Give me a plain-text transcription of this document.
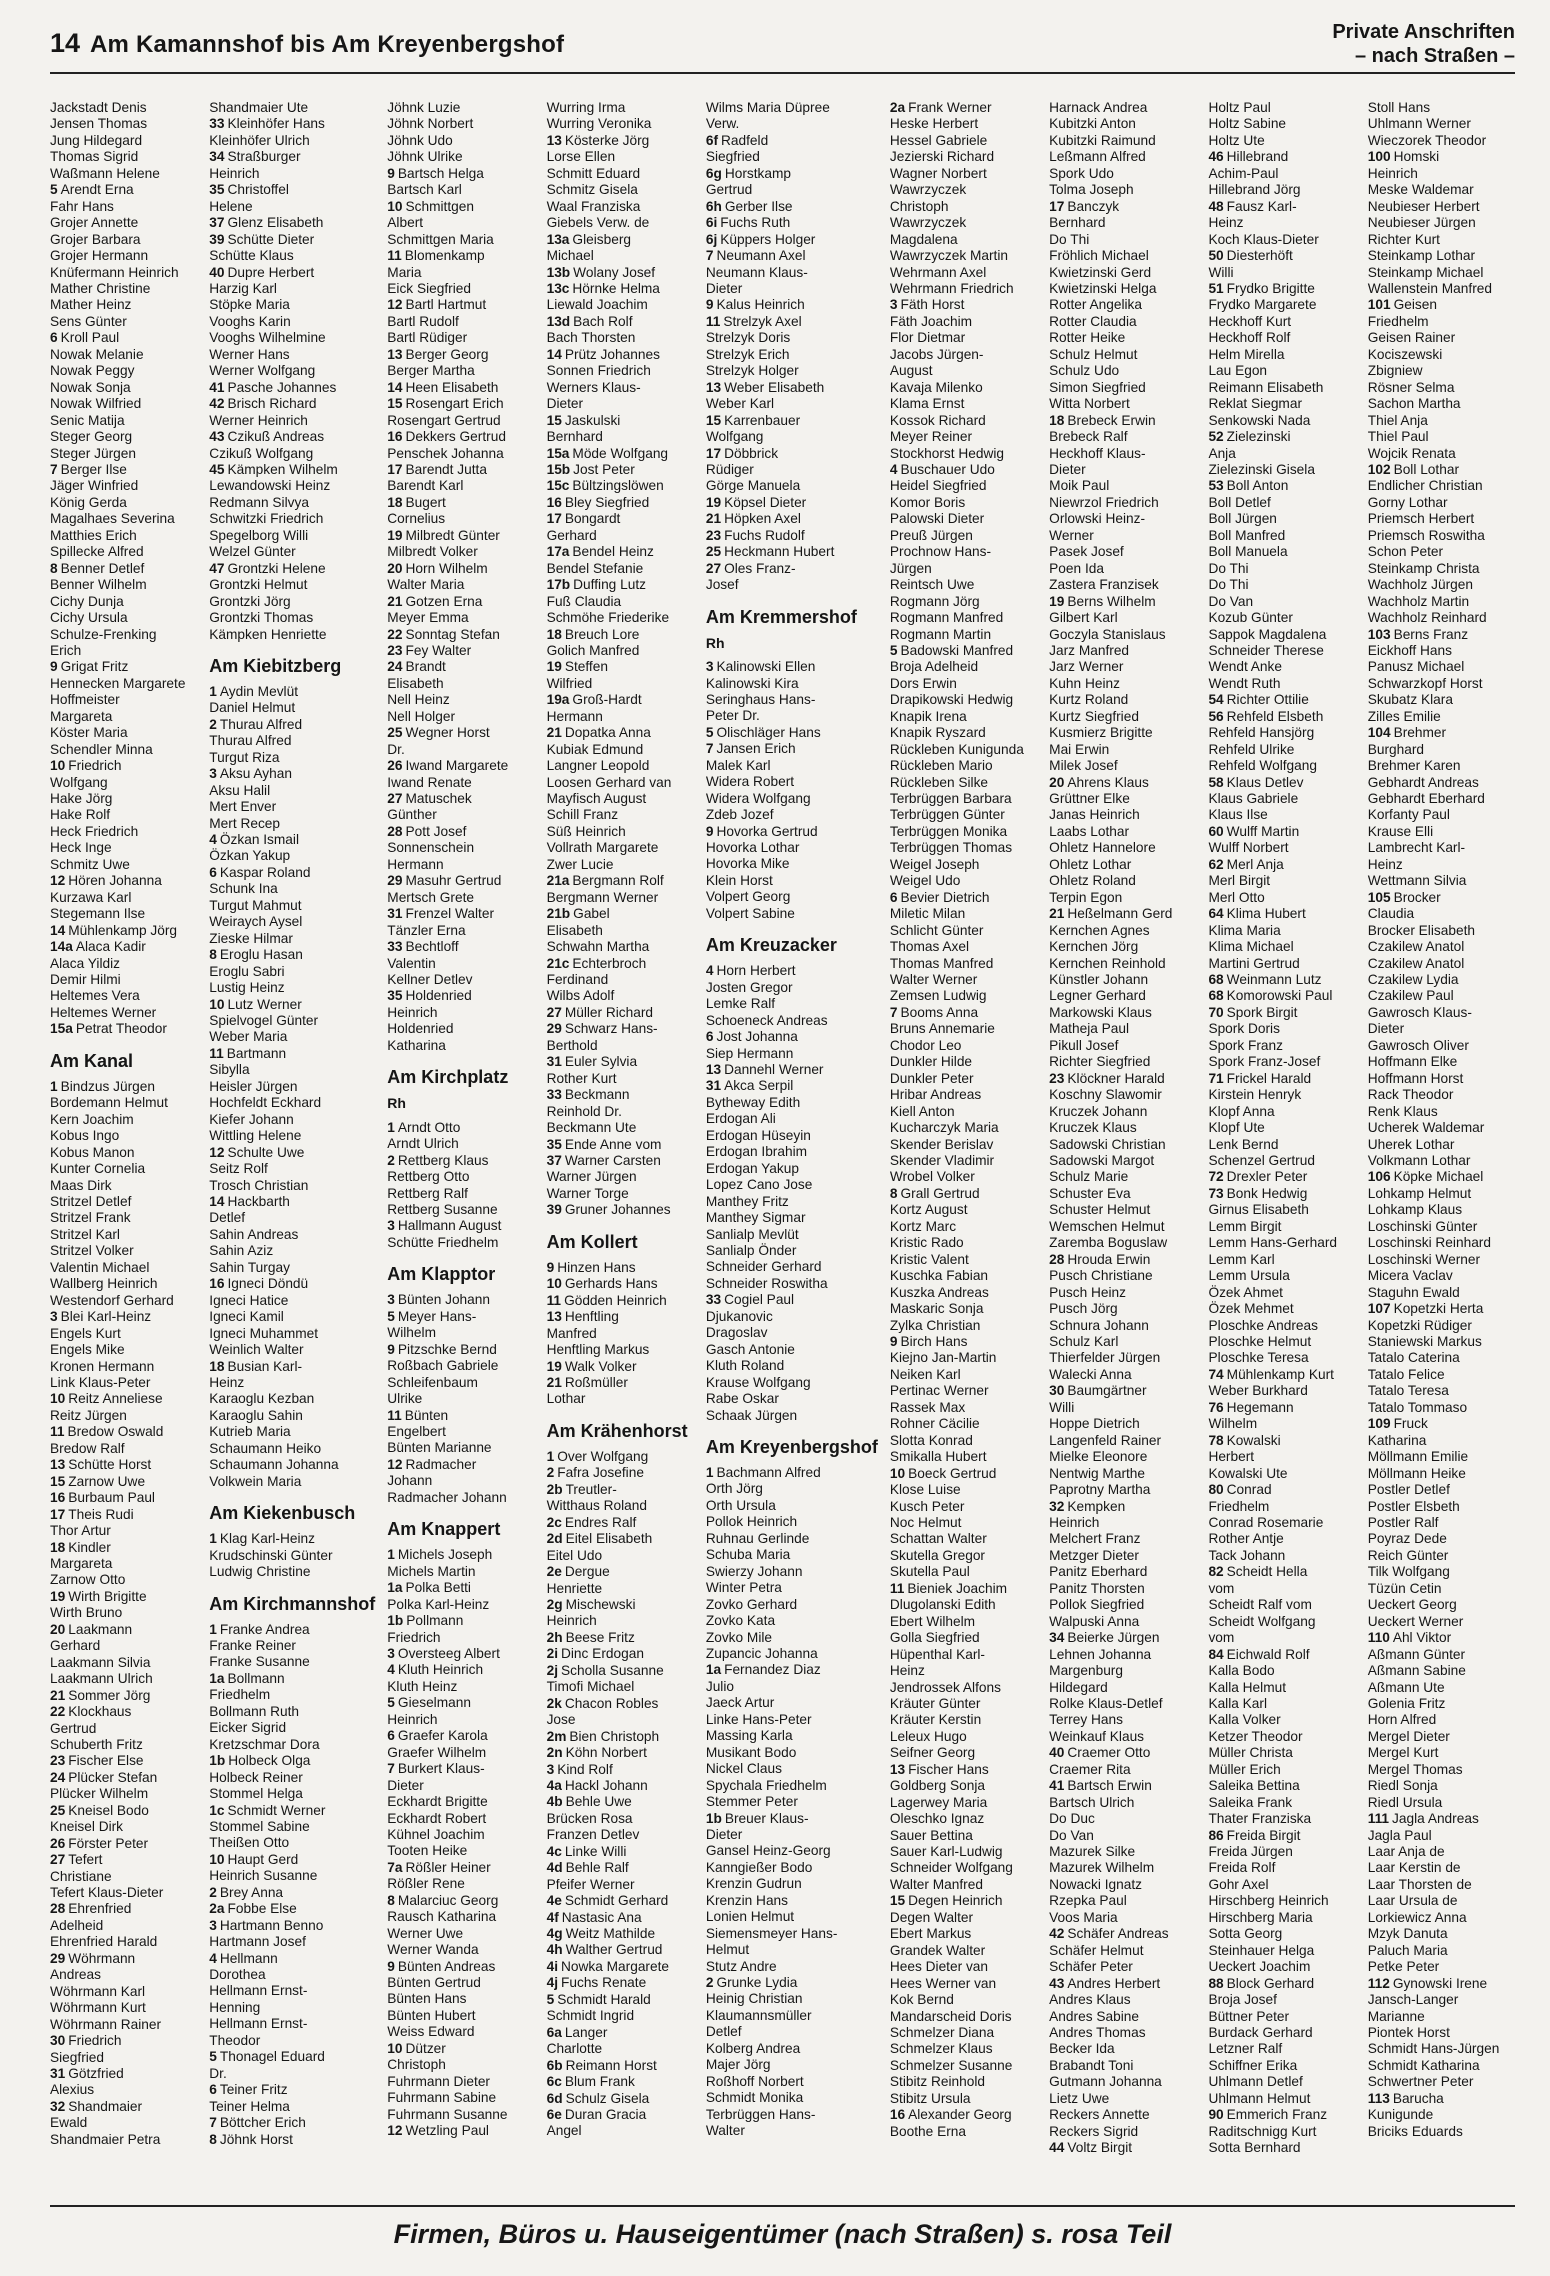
14 Am Kamannshof bis Am Kreyenbergshof	Private Anschriften
– nach Straßen –
Jackstadt Denis
Jensen Thomas
Jung Hildegard
Thomas Sigrid
Waßmann Helene
5 Arendt Erna
Fahr Hans
Grojer Annette
Grojer Barbara
Grojer Hermann
Knüfermann Heinrich
Mather Christine
Mather Heinz
Sens Günter
6 Kroll Paul
Nowak Melanie
Nowak Peggy
Nowak Sonja
Nowak Wilfried
Senic Matija
Steger Georg
Steger Jürgen
7 Berger Ilse
Jäger Winfried
König Gerda
Magalhaes Severina
Matthies Erich
Spillecke Alfred
8 Benner Detlef
Benner Wilhelm
Cichy Dunja
Cichy Ursula
Schulze-Frenking
Erich
9 Grigat Fritz
Hennecken Margarete
Hoffmeister
Margareta
Köster Maria
Schendler Minna
10 Friedrich
Wolfgang
Hake Jörg
Hake Rolf
Heck Friedrich
Heck Inge
Schmitz Uwe
12 Hören Johanna
Kurzawa Karl
Stegemann Ilse
14 Mühlenkamp Jörg
14a Alaca Kadir
Alaca Yildiz
Demir Hilmi
Heltemes Vera
Heltemes Werner
15a Petrat Theodor
Am Kanal
1 Bindzus Jürgen
Bordemann Helmut
Kern Joachim
Kobus Ingo
Kobus Manon
Kunter Cornelia
Maas Dirk
Stritzel Detlef
Stritzel Frank
Stritzel Karl
Stritzel Volker
Valentin Michael
Wallberg Heinrich
Westendorf Gerhard
3 Blei Karl-Heinz
Engels Kurt
Engels Mike
Kronen Hermann
Link Klaus-Peter
10 Reitz Anneliese
Reitz Jürgen
11 Bredow Oswald
Bredow Ralf
13 Schütte Horst
15 Zarnow Uwe
16 Burbaum Paul
17 Theis Rudi
Thor Artur
18 Kindler
Margareta
Zarnow Otto
19 Wirth Brigitte
Wirth Bruno
20 Laakmann
Gerhard
Laakmann Silvia
Laakmann Ulrich
21 Sommer Jörg
22 Klockhaus
Gertrud
Schuberth Fritz
23 Fischer Else
24 Plücker Stefan
Plücker Wilhelm
25 Kneisel Bodo
Kneisel Dirk
26 Förster Peter
27 Tefert
Christiane
Tefert Klaus-Dieter
28 Ehrenfried
Adelheid
Ehrenfried Harald
29 Wöhrmann
Andreas
Wöhrmann Karl
Wöhrmann Kurt
Wöhrmann Rainer
30 Friedrich
Siegfried
31 Götzfried
Alexius
32 Shandmaier
Ewald
Shandmaier Petra
Shandmaier Ute
33 Kleinhöfer Hans
Kleinhöfer Ulrich
34 Straßburger
Heinrich
35 Christoffel
Helene
37 Glenz Elisabeth
39 Schütte Dieter
Schütte Klaus
40 Dupre Herbert
Harzig Karl
Stöpke Maria
Vooghs Karin
Vooghs Wilhelmine
Werner Hans
Werner Wolfgang
41 Pasche Johannes
42 Brisch Richard
Werner Heinrich
43 Czikuß Andreas
Czikuß Wolfgang
45 Kämpken Wilhelm
Lewandowski Heinz
Redmann Silvya
Schwitzki Friedrich
Spegelborg Willi
Welzel Günter
47 Grontzki Helene
Grontzki Helmut
Grontzki Jörg
Grontzki Thomas
Kämpken Henriette
Am Kiebitzberg
1 Aydin Mevlüt
Daniel Helmut
2 Thurau Alfred
Thurau Alfred
Turgut Riza
3 Aksu Ayhan
Aksu Halil
Mert Enver
Mert Recep
4 Özkan Ismail
Özkan Yakup
6 Kaspar Roland
Schunk Ina
Turgut Mahmut
Weiraych Aysel
Zieske Hilmar
8 Eroglu Hasan
Eroglu Sabri
Lustig Heinz
10 Lutz Werner
Spielvogel Günter
Weber Maria
11 Bartmann
Sibylla
Heisler Jürgen
Hochfeldt Eckhard
Kiefer Johann
Wittling Helene
12 Schulte Uwe
Seitz Rolf
Trosch Christian
14 Hackbarth
Detlef
Sahin Andreas
Sahin Aziz
Sahin Turgay
16 Igneci Döndü
Igneci Hatice
Igneci Kamil
Igneci Muhammet
Weinlich Walter
18 Busian Karl-
Heinz
Karaoglu Kezban
Karaoglu Sahin
Kutrieb Maria
Schaumann Heiko
Schaumann Johanna
Volkwein Maria
Am Kiekenbusch
1 Klag Karl-Heinz
Krudschinski Günter
Ludwig Christine
Am Kirchmannshof
1 Franke Andrea
Franke Reiner
Franke Susanne
1a Bollmann
Friedhelm
Bollmann Ruth
Eicker Sigrid
Kretzschmar Dora
1b Holbeck Olga
Holbeck Reiner
Stommel Helga
1c Schmidt Werner
Stommel Sabine
Theißen Otto
10 Haupt Gerd
Heinrich Susanne
2 Brey Anna
2a Fobbe Else
3 Hartmann Benno
Hartmann Josef
4 Hellmann
Dorothea
Hellmann Ernst-
Henning
Hellmann Ernst-
Theodor
5 Thonagel Eduard
Dr.
6 Teiner Fritz
Teiner Helma
7 Böttcher Erich
8 Jöhnk Horst
Jöhnk Luzie
Jöhnk Norbert
Jöhnk Udo
Jöhnk Ulrike
9 Bartsch Helga
Bartsch Karl
10 Schmittgen
Albert
Schmittgen Maria
11 Blomenkamp
Maria
Eick Siegfried
12 Bartl Hartmut
Bartl Rudolf
Bartl Rüdiger
13 Berger Georg
Berger Martha
14 Heen Elisabeth
15 Rosengart Erich
Rosengart Gertrud
16 Dekkers Gertrud
Penschek Johanna
17 Barendt Jutta
Barendt Karl
18 Bugert
Cornelius
19 Milbredt Günter
Milbredt Volker
20 Horn Wilhelm
Walter Maria
21 Gotzen Erna
Meyer Emma
22 Sonntag Stefan
23 Fey Walter
24 Brandt
Elisabeth
Nell Heinz
Nell Holger
25 Wegner Horst
Dr.
26 Iwand Margarete
Iwand Renate
27 Matuschek
Günther
28 Pott Josef
Sonnenschein
Hermann
29 Masuhr Gertrud
Mertsch Grete
31 Frenzel Walter
Tänzler Erna
33 Bechtloff
Valentin
Kellner Detlev
35 Holdenried
Heinrich
Holdenried
Katharina
Am Kirchplatz
Rh
1 Arndt Otto
Arndt Ulrich
2 Rettberg Klaus
Rettberg Otto
Rettberg Ralf
Rettberg Susanne
3 Hallmann August
Schütte Friedhelm
Am Klapptor
3 Bünten Johann
5 Meyer Hans-
Wilhelm
9 Pitzschke Bernd
Roßbach Gabriele
Schleifenbaum
Ulrike
11 Bünten
Engelbert
Bünten Marianne
12 Radmacher
Johann
Radmacher Johann
Am Knappert
1 Michels Joseph
Michels Martin
1a Polka Betti
Polka Karl-Heinz
1b Pollmann
Friedrich
3 Oversteeg Albert
4 Kluth Heinrich
Kluth Heinz
5 Gieselmann
Heinrich
6 Graefer Karola
Graefer Wilhelm
7 Burkert Klaus-
Dieter
Eckhardt Brigitte
Eckhardt Robert
Kühnel Joachim
Tooten Heike
7a Rößler Heiner
Rößler Rene
8 Malarciuc Georg
Rausch Katharina
Werner Uwe
Werner Wanda
9 Bünten Andreas
Bünten Gertrud
Bünten Hans
Bünten Hubert
Weiss Edward
10 Dützer
Christoph
Fuhrmann Dieter
Fuhrmann Sabine
Fuhrmann Susanne
12 Wetzling Paul
Wurring Irma
Wurring Veronika
13 Kösterke Jörg
Lorse Ellen
Schmitt Eduard
Schmitz Gisela
Waal Franziska
Giebels Verw. de
13a Gleisberg
Michael
13b Wolany Josef
13c Hörnke Helma
Liewald Joachim
13d Bach Rolf
Bach Thorsten
14 Prütz Johannes
Sonnen Friedrich
Werners Klaus-
Dieter
15 Jaskulski
Bernhard
15a Möde Wolfgang
15b Jost Peter
15c Bültzingslöwen
16 Bley Siegfried
17 Bongardt
Gerhard
17a Bendel Heinz
Bendel Stefanie
17b Duffing Lutz
Fuß Claudia
Schmöhe Friederike
18 Breuch Lore
Golich Manfred
19 Steffen
Wilfried
19a Groß-Hardt
Hermann
21 Dopatka Anna
Kubiak Edmund
Langner Leopold
Loosen Gerhard van
Mayfisch August
Schill Franz
Süß Heinrich
Vollrath Margarete
Zwer Lucie
21a Bergmann Rolf
Bergmann Werner
21b Gabel
Elisabeth
Schwahn Martha
21c Echterbroch
Ferdinand
Wilbs Adolf
27 Müller Richard
29 Schwarz Hans-
Berthold
31 Euler Sylvia
Rother Kurt
33 Beckmann
Reinhold Dr.
Beckmann Ute
35 Ende Anne vom
37 Warner Carsten
Warner Jürgen
Warner Torge
39 Gruner Johannes
Am Kollert
9 Hinzen Hans
10 Gerhards Hans
11 Gödden Heinrich
13 Henftling
Manfred
Henftling Markus
19 Walk Volker
21 Roßmüller
Lothar
Am Krähenhorst
1 Over Wolfgang
2 Fafra Josefine
2b Treutler-
Witthaus Roland
2c Endres Ralf
2d Eitel Elisabeth
Eitel Udo
2e Dergue
Henriette
2g Mischewski
Heinrich
2h Beese Fritz
2i Dinc Erdogan
2j Scholla Susanne
Timofi Michael
2k Chacon Robles
Jose
2m Bien Christoph
2n Köhn Norbert
3 Kind Rolf
4a Hackl Johann
4b Behle Uwe
Brücken Rosa
Franzen Detlev
4c Linke Willi
4d Behle Ralf
Pfeifer Werner
4e Schmidt Gerhard
4f Nastasic Ana
4g Weitz Mathilde
4h Walther Gertrud
4i Nowka Margarete
4j Fuchs Renate
5 Schmidt Harald
Schmidt Ingrid
6a Langer
Charlotte
6b Reimann Horst
6c Blum Frank
6d Schulz Gisela
6e Duran Gracia
Angel
Wilms Maria Düpree
Verw.
6f Radfeld
Siegfried
6g Horstkamp
Gertrud
6h Gerber Ilse
6i Fuchs Ruth
6j Küppers Holger
7 Neumann Axel
Neumann Klaus-
Dieter
9 Kalus Heinrich
11 Strelzyk Axel
Strelzyk Doris
Strelzyk Erich
Strelzyk Holger
13 Weber Elisabeth
Weber Karl
15 Karrenbauer
Wolfgang
17 Döbbrick
Rüdiger
Görge Manuela
19 Köpsel Dieter
21 Höpken Axel
23 Fuchs Rudolf
25 Heckmann Hubert
27 Oles Franz-
Josef
Am Kremmershof
Rh
3 Kalinowski Ellen
Kalinowski Kira
Seringhaus Hans-
Peter Dr.
5 Olischläger Hans
7 Jansen Erich
Malek Karl
Widera Robert
Widera Wolfgang
Zdeb Jozef
9 Hovorka Gertrud
Hovorka Lothar
Hovorka Mike
Klein Horst
Volpert Georg
Volpert Sabine
Am Kreuzacker
4 Horn Herbert
Josten Gregor
Lemke Ralf
Schoeneck Andreas
6 Jost Johanna
Siep Hermann
13 Dannehl Werner
31 Akca Serpil
Bytheway Edith
Erdogan Ali
Erdogan Hüseyin
Erdogan Ibrahim
Erdogan Yakup
Lopez Cano Jose
Manthey Fritz
Manthey Sigmar
Sanlialp Mevlüt
Sanlialp Önder
Schneider Gerhard
Schneider Roswitha
33 Cogiel Paul
Djukanovic
Dragoslav
Gasch Antonie
Kluth Roland
Krause Wolfgang
Rabe Oskar
Schaak Jürgen
Am Kreyenbergshof
1 Bachmann Alfred
Orth Jörg
Orth Ursula
Pollok Heinrich
Ruhnau Gerlinde
Schuba Maria
Swierzy Johann
Winter Petra
Zovko Gerhard
Zovko Kata
Zovko Mile
Zupancic Johanna
1a Fernandez Diaz
Julio
Jaeck Artur
Linke Hans-Peter
Massing Karla
Musikant Bodo
Nickel Claus
Spychala Friedhelm
Stemmer Peter
1b Breuer Klaus-
Dieter
Gansel Heinz-Georg
Kanngießer Bodo
Krenzin Gudrun
Krenzin Hans
Lonien Helmut
Siemensmeyer Hans-
Helmut
Stutz Andre
2 Grunke Lydia
Heinig Christian
Klaumannsmüller
Detlef
Kolberg Andrea
Majer Jörg
Roßhoff Norbert
Schmidt Monika
Terbrüggen Hans-
Walter
2a Frank Werner
Heske Herbert
Hessel Gabriele
Jezierski Richard
Wagner Norbert
Wawrzyczek
Christoph
Wawrzyczek
Magdalena
Wawrzyczek Martin
Wehrmann Axel
Wehrmann Friedrich
3 Fäth Horst
Fäth Joachim
Flor Dietmar
Jacobs Jürgen-
August
Kavaja Milenko
Klama Ernst
Kossok Richard
Meyer Reiner
Stockhorst Hedwig
4 Buschauer Udo
Heidel Siegfried
Komor Boris
Palowski Dieter
Preuß Jürgen
Prochnow Hans-
Jürgen
Reintsch Uwe
Rogmann Jörg
Rogmann Manfred
Rogmann Martin
5 Badowski Manfred
Broja Adelheid
Dors Erwin
Drapikowski Hedwig
Knapik Irena
Knapik Ryszard
Rückleben Kunigunda
Rückleben Mario
Rückleben Silke
Terbrüggen Barbara
Terbrüggen Günter
Terbrüggen Monika
Terbrüggen Thomas
Weigel Joseph
Weigel Udo
6 Bevier Dietrich
Miletic Milan
Schlicht Günter
Thomas Axel
Thomas Manfred
Walter Werner
Zemsen Ludwig
7 Booms Anna
Bruns Annemarie
Chodor Leo
Dunkler Hilde
Dunkler Peter
Hribar Andreas
Kiell Anton
Kucharczyk Maria
Skender Berislav
Skender Vladimir
Wrobel Volker
8 Grall Gertrud
Kortz August
Kortz Marc
Kristic Rado
Kristic Valent
Kuschka Fabian
Kuszka Andreas
Maskaric Sonja
Zylka Christian
9 Birch Hans
Kiejno Jan-Martin
Neiken Karl
Pertinac Werner
Rassek Max
Rohner Cäcilie
Slotta Konrad
Smikalla Hubert
10 Boeck Gertrud
Klose Luise
Kusch Peter
Noc Helmut
Schattan Walter
Skutella Gregor
Skutella Paul
11 Bieniek Joachim
Dlugolanski Edith
Ebert Wilhelm
Golla Siegfried
Hüpenthal Karl-
Heinz
Jendrossek Alfons
Kräuter Günter
Kräuter Kerstin
Leleux Hugo
Seifner Georg
13 Fischer Hans
Goldberg Sonja
Lagerwey Maria
Oleschko Ignaz
Sauer Bettina
Sauer Karl-Ludwig
Schneider Wolfgang
Walter Manfred
15 Degen Heinrich
Degen Walter
Ebert Markus
Grandek Walter
Hees Dieter van
Hees Werner van
Kok Bernd
Mandarscheid Doris
Schmelzer Diana
Schmelzer Klaus
Schmelzer Susanne
Stibitz Reinhold
Stibitz Ursula
16 Alexander Georg
Boothe Erna
Harnack Andrea
Kubitzki Anton
Kubitzki Raimund
Leßmann Alfred
Spork Udo
Tolma Joseph
17 Banczyk
Bernhard
Do Thi
Fröhlich Michael
Kwietzinski Gerd
Kwietzinski Helga
Rotter Angelika
Rotter Claudia
Rotter Heike
Schulz Helmut
Schulz Udo
Simon Siegfried
Witta Norbert
18 Brebeck Erwin
Brebeck Ralf
Heckhoff Klaus-
Dieter
Moik Paul
Niewrzol Friedrich
Orlowski Heinz-
Werner
Pasek Josef
Poen Ida
Zastera Franzisek
19 Berns Wilhelm
Gilbert Karl
Goczyla Stanislaus
Jarz Manfred
Jarz Werner
Kuhn Heinz
Kurtz Roland
Kurtz Siegfried
Kusmierz Brigitte
Mai Erwin
Milek Josef
20 Ahrens Klaus
Grüttner Elke
Janas Heinrich
Laabs Lothar
Ohletz Hannelore
Ohletz Lothar
Ohletz Roland
Terpin Egon
21 Heßelmann Gerd
Kernchen Agnes
Kernchen Jörg
Kernchen Reinhold
Künstler Johann
Legner Gerhard
Markowski Klaus
Matheja Paul
Pikull Josef
Richter Siegfried
23 Klöckner Harald
Koschny Slawomir
Kruczek Johann
Kruczek Klaus
Sadowski Christian
Sadowski Margot
Schulz Marie
Schuster Eva
Schuster Helmut
Wemschen Helmut
Zaremba Boguslaw
28 Hrouda Erwin
Pusch Christiane
Pusch Heinz
Pusch Jörg
Schnura Johann
Schulz Karl
Thierfelder Jürgen
Walecki Anna
30 Baumgärtner
Willi
Hoppe Dietrich
Langenfeld Rainer
Mielke Eleonore
Nentwig Marthe
Paprotny Martha
32 Kempken
Heinrich
Melchert Franz
Metzger Dieter
Panitz Eberhard
Panitz Thorsten
Pollok Siegfried
Walpuski Anna
34 Beierke Jürgen
Lehnen Johanna
Margenburg
Hildegard
Rolke Klaus-Detlef
Terrey Hans
Weinkauf Klaus
40 Craemer Otto
Craemer Rita
41 Bartsch Erwin
Bartsch Ulrich
Do Duc
Do Van
Mazurek Silke
Mazurek Wilhelm
Nowacki Ignatz
Rzepka Paul
Voos Maria
42 Schäfer Andreas
Schäfer Helmut
Schäfer Peter
43 Andres Herbert
Andres Klaus
Andres Sabine
Andres Thomas
Becker Ida
Brabandt Toni
Gutmann Johanna
Lietz Uwe
Reckers Annette
Reckers Sigrid
44 Voltz Birgit
Holtz Paul
Holtz Sabine
Holtz Ute
46 Hillebrand
Achim-Paul
Hillebrand Jörg
48 Fausz Karl-
Heinz
Koch Klaus-Dieter
50 Diesterhöft
Willi
51 Frydko Brigitte
Frydko Margarete
Heckhoff Kurt
Heckhoff Rolf
Helm Mirella
Lau Egon
Reimann Elisabeth
Reklat Siegmar
Senkowski Nada
52 Zielezinski
Anja
Zielezinski Gisela
53 Boll Anton
Boll Detlef
Boll Jürgen
Boll Manfred
Boll Manuela
Do Thi
Do Thi
Do Van
Kozub Günter
Sappok Magdalena
Schneider Therese
Wendt Anke
Wendt Ruth
54 Richter Ottilie
56 Rehfeld Elsbeth
Rehfeld Hansjörg
Rehfeld Ulrike
Rehfeld Wolfgang
58 Klaus Detlev
Klaus Gabriele
Klaus Ilse
60 Wulff Martin
Wulff Norbert
62 Merl Anja
Merl Birgit
Merl Otto
64 Klima Hubert
Klima Maria
Klima Michael
Martini Gertrud
68 Weinmann Lutz
68 Komorowski Paul
70 Spork Birgit
Spork Doris
Spork Franz
Spork Franz-Josef
71 Frickel Harald
Kirstein Henryk
Klopf Anna
Klopf Ute
Lenk Bernd
Schenzel Gertrud
72 Drexler Peter
73 Bonk Hedwig
Girnus Elisabeth
Lemm Birgit
Lemm Hans-Gerhard
Lemm Karl
Lemm Ursula
Özek Ahmet
Özek Mehmet
Ploschke Andreas
Ploschke Helmut
Ploschke Teresa
74 Mühlenkamp Kurt
Weber Burkhard
76 Hegemann
Wilhelm
78 Kowalski
Herbert
Kowalski Ute
80 Conrad
Friedhelm
Conrad Rosemarie
Rother Antje
Tack Johann
82 Scheidt Hella
vom
Scheidt Ralf vom
Scheidt Wolfgang
vom
84 Eichwald Rolf
Kalla Bodo
Kalla Helmut
Kalla Karl
Kalla Volker
Ketzer Theodor
Müller Christa
Müller Erich
Saleika Bettina
Saleika Frank
Thater Franziska
86 Freida Birgit
Freida Jürgen
Freida Rolf
Gohr Axel
Hirschberg Heinrich
Hirschberg Maria
Sotta Georg
Steinhauer Helga
Ueckert Joachim
88 Block Gerhard
Broja Josef
Büttner Peter
Burdack Gerhard
Letzner Ralf
Schiffner Erika
Uhlmann Detlef
Uhlmann Helmut
90 Emmerich Franz
Raditschnigg Kurt
Sotta Bernhard
Stoll Hans
Uhlmann Werner
Wieczorek Theodor
100 Homski
Heinrich
Meske Waldemar
Neubieser Herbert
Neubieser Jürgen
Richter Kurt
Steinkamp Lothar
Steinkamp Michael
Wallenstein Manfred
101 Geisen
Friedhelm
Geisen Rainer
Kociszewski
Zbigniew
Rösner Selma
Sachon Martha
Thiel Anja
Thiel Paul
Wojcik Renata
102 Boll Lothar
Endlicher Christian
Gorny Lothar
Priemsch Herbert
Priemsch Roswitha
Schon Peter
Steinkamp Christa
Wachholz Jürgen
Wachholz Martin
Wachholz Reinhard
103 Berns Franz
Eickhoff Hans
Panusz Michael
Schwarzkopf Horst
Skubatz Klara
Zilles Emilie
104 Brehmer
Burghard
Brehmer Karen
Gebhardt Andreas
Gebhardt Eberhard
Korfanty Paul
Krause Elli
Lambrecht Karl-
Heinz
Wettmann Silvia
105 Brocker
Claudia
Brocker Elisabeth
Czakilew Anatol
Czakilew Anatol
Czakilew Lydia
Czakilew Paul
Gawrosch Klaus-
Dieter
Gawrosch Oliver
Hoffmann Elke
Hoffmann Horst
Rack Theodor
Renk Klaus
Ucherek Waldemar
Uherek Lothar
Volkmann Lothar
106 Köpke Michael
Lohkamp Helmut
Lohkamp Klaus
Loschinski Günter
Loschinski Reinhard
Loschinski Werner
Micera Vaclav
Staguhn Ewald
107 Kopetzki Herta
Kopetzki Rüdiger
Staniewski Markus
Tatalo Caterina
Tatalo Felice
Tatalo Teresa
Tatalo Tommaso
109 Fruck
Katharina
Möllmann Emilie
Möllmann Heike
Postler Detlef
Postler Elsbeth
Postler Ralf
Poyraz Dede
Reich Günter
Tilk Wolfgang
Tüzün Cetin
Ueckert Georg
Ueckert Werner
110 Ahl Viktor
Aßmann Günter
Aßmann Sabine
Aßmann Ute
Golenia Fritz
Horn Alfred
Mergel Dieter
Mergel Kurt
Mergel Thomas
Riedl Sonja
Riedl Ursula
111 Jagla Andreas
Jagla Paul
Laar Anja de
Laar Kerstin de
Laar Thorsten de
Laar Ursula de
Lorkiewicz Anna
Mzyk Danuta
Paluch Maria
Petke Peter
112 Gynowski Irene
Jansch-Langer
Marianne
Piontek Horst
Schmidt Hans-Jürgen
Schmidt Katharina
Schwertner Peter
113 Barucha
Kunigunde
Briciks Eduards
Firmen, Büros u. Hauseigentümer (nach Straßen) s. rosa Teil
